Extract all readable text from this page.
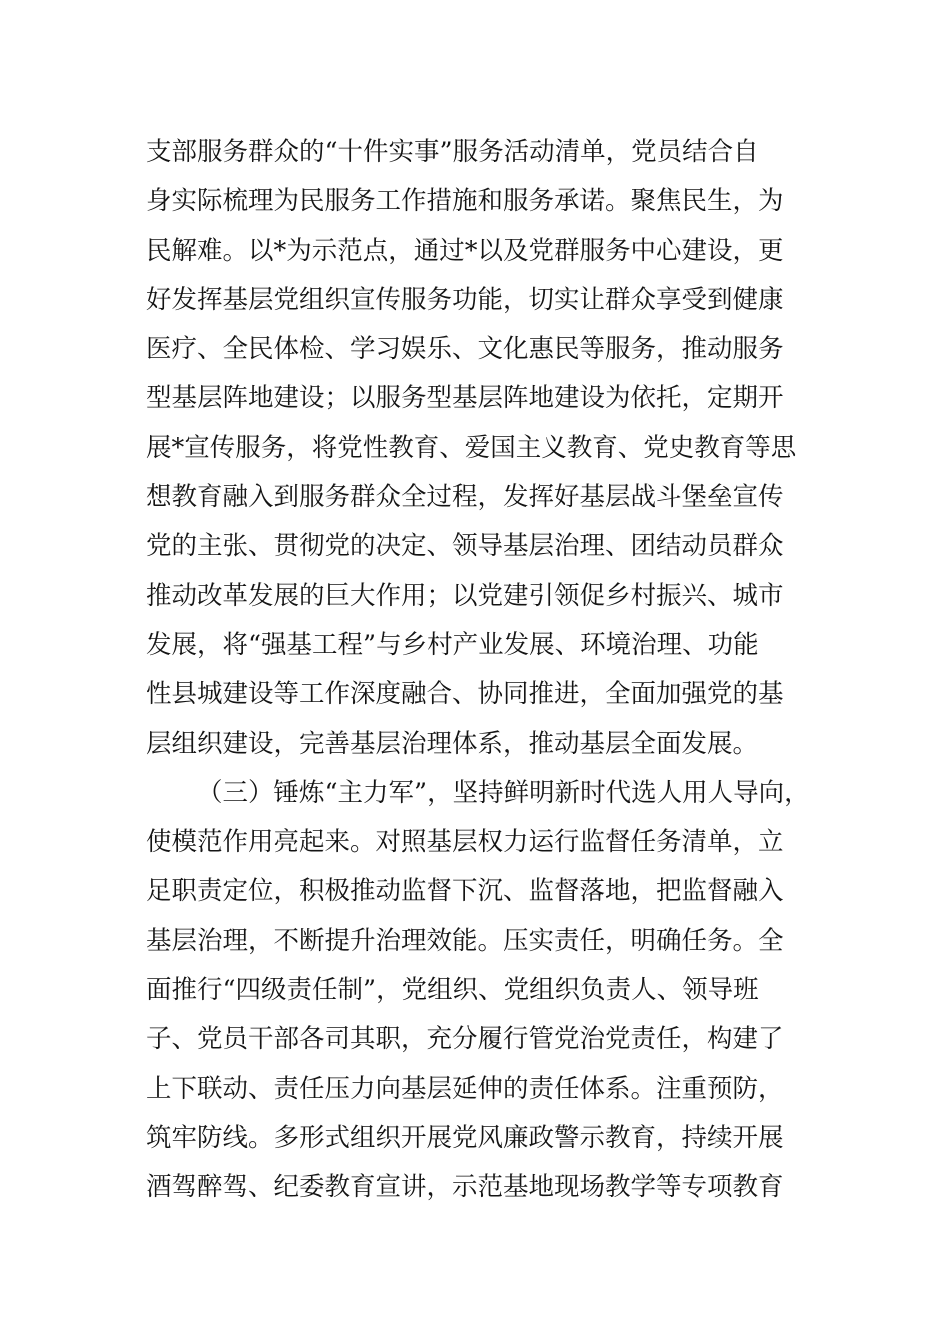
支部服务群众的“十件实事”服务活动清单，党员结合自
身实际梳理为民服务工作措施和服务承诺。聚焦民生，为
民解难。以*为示范点，通过*以及党群服务中心建设，更
好发挥基层党组织宣传服务功能，切实让群众享受到健康
医疗、全民体检、学习娱乐、文化惠民等服务，推动服务
型基层阵地建设；以服务型基层阵地建设为依托，定期开
展*宣传服务，将党性教育、爱国主义教育、党史教育等思
想教育融入到服务群众全过程，发挥好基层战斗堡垒宣传
党的主张、贯彻党的决定、领导基层治理、团结动员群众
推动改革发展的巨大作用；以党建引领促乡村振兴、城市
发展，将“强基工程”与乡村产业发展、环境治理、功能
性县城建设等工作深度融合、协同推进，全面加强党的基
层组织建设，完善基层治理体系，推动基层全面发展。
（三）锤炼“主力军”，坚持鲜明新时代选人用人导向，
使模范作用亮起来。对照基层权力运行监督任务清单，立
足职责定位，积极推动监督下沉、监督落地，把监督融入
基层治理，不断提升治理效能。压实责任，明确任务。全
面推行“四级责任制”，党组织、党组织负责人、领导班
子、党员干部各司其职，充分履行管党治党责任，构建了
上下联动、责任压力向基层延伸的责任体系。注重预防，
筑牢防线。多形式组织开展党风廉政警示教育，持续开展
酒驾醉驾、纪委教育宣讲，示范基地现场教学等专项教育
